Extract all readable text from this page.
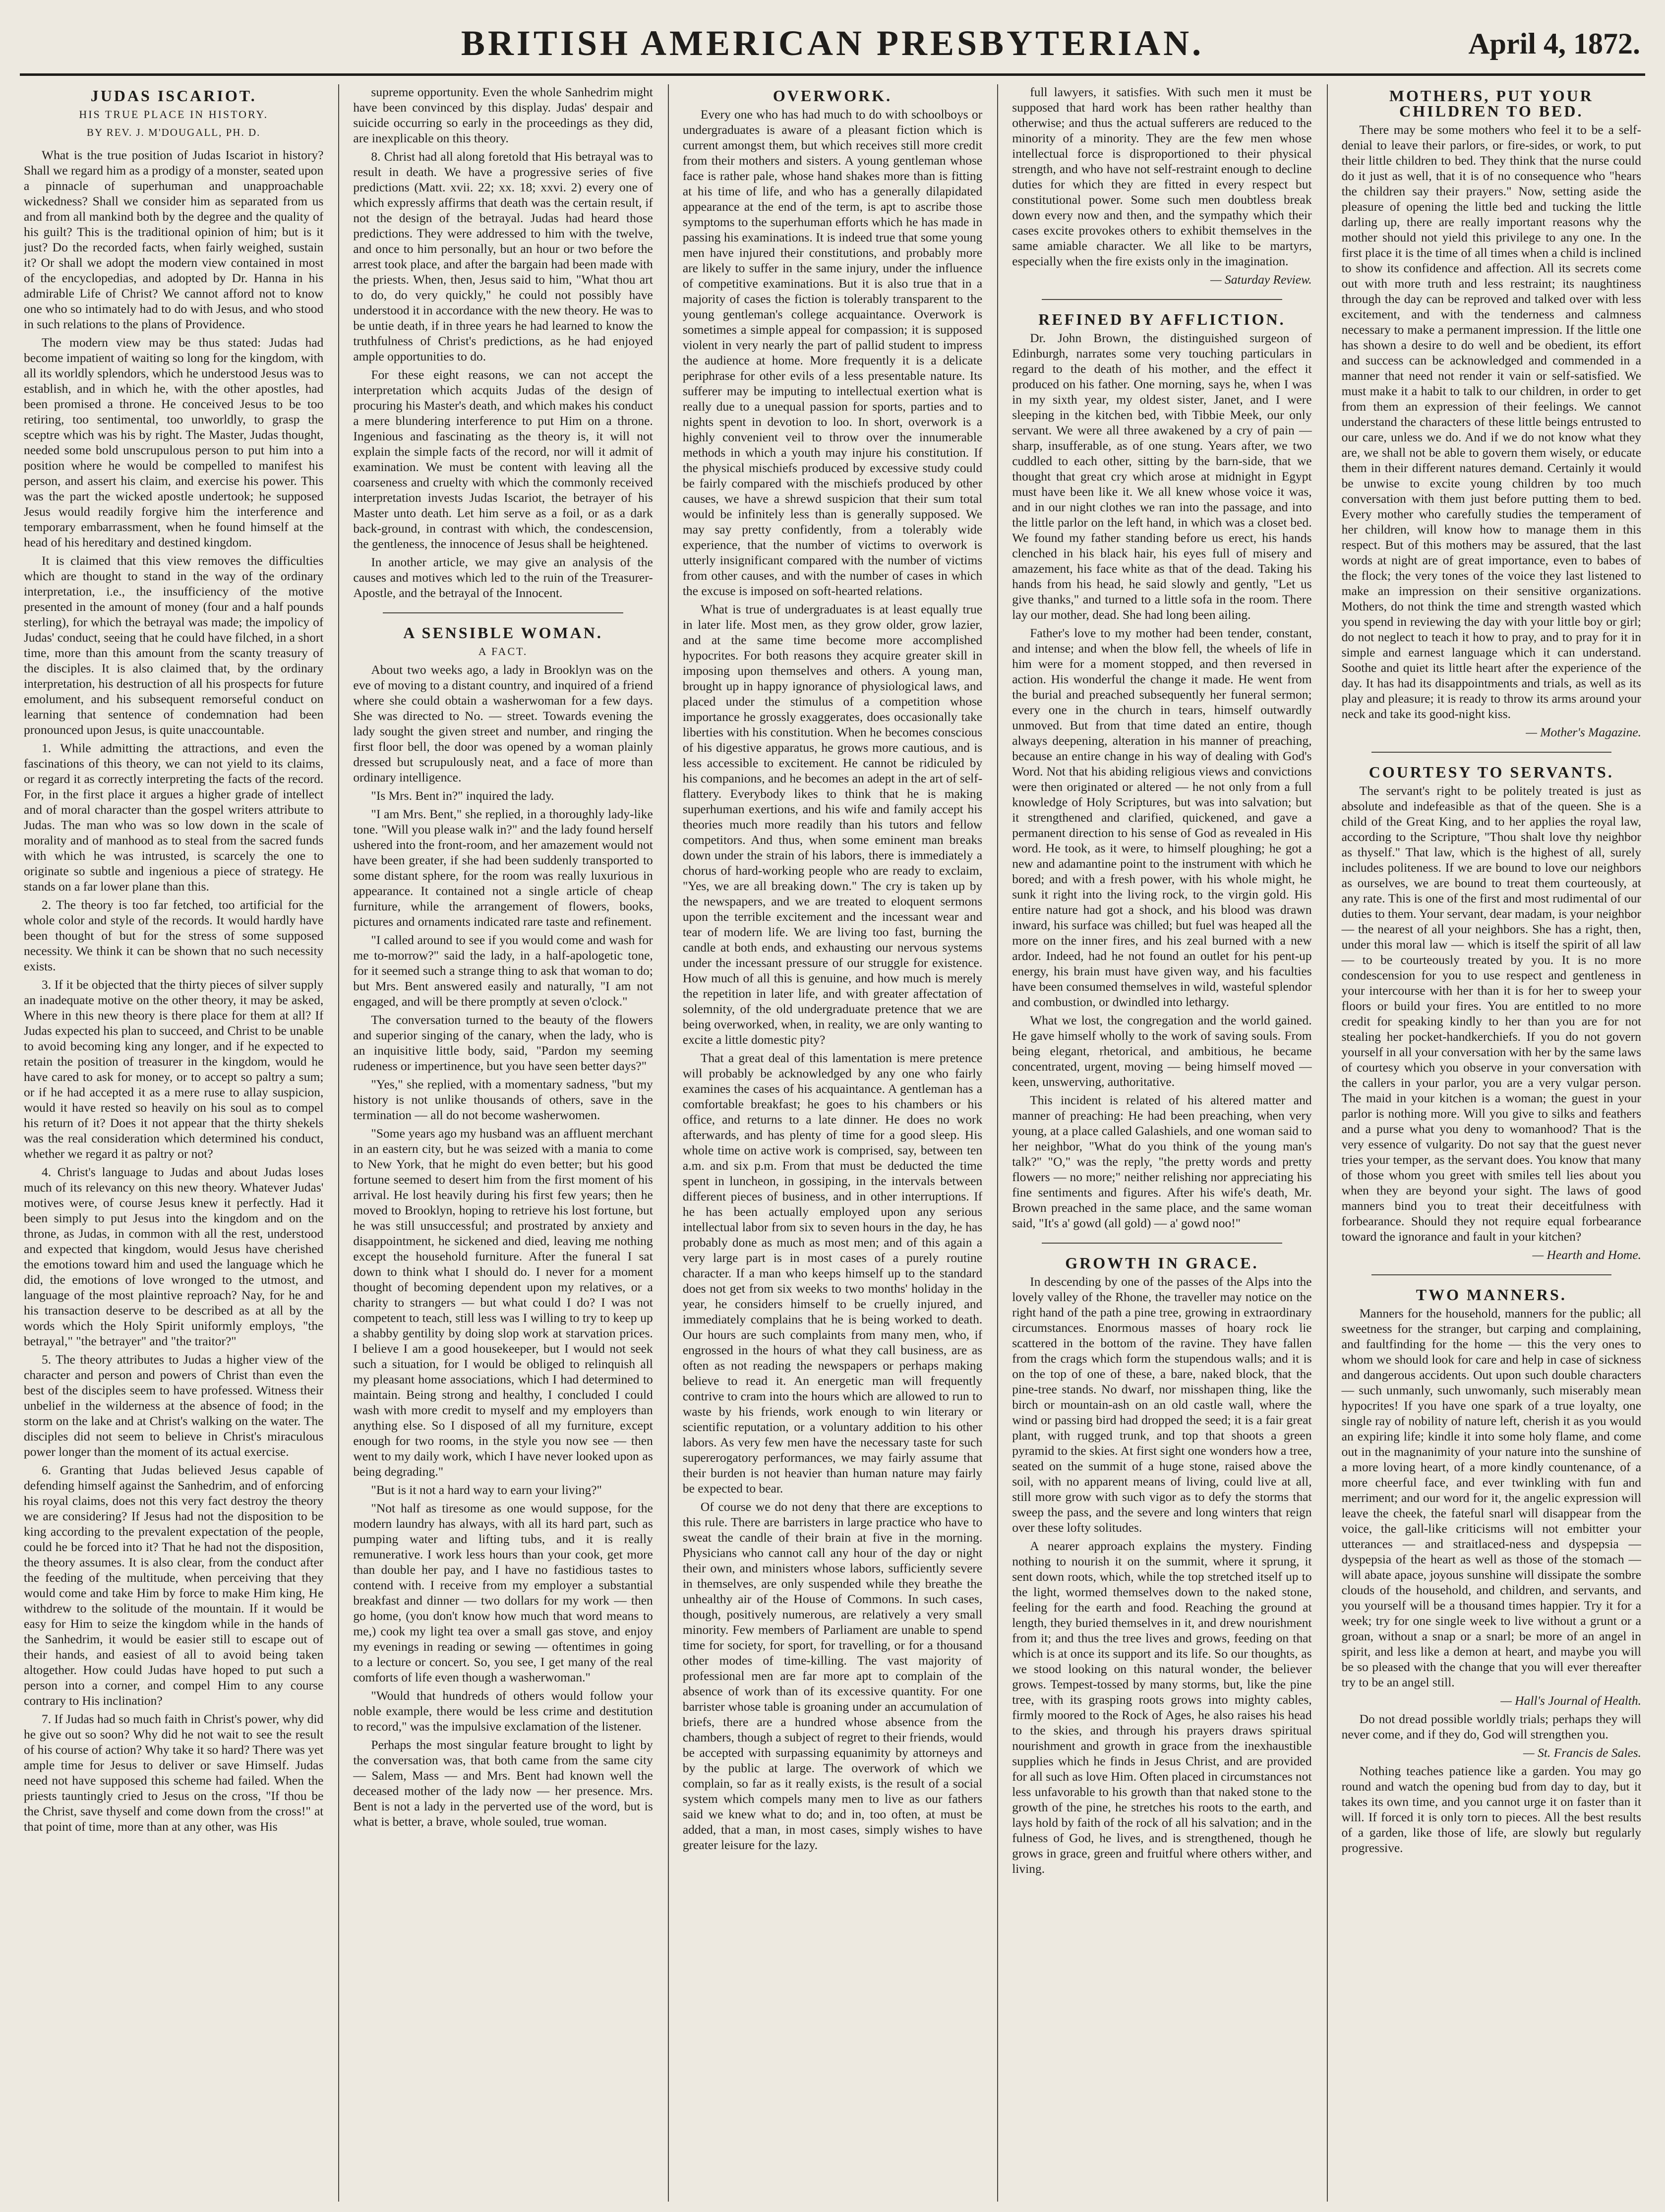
BRITISH AMERICAN PRESBYTERIAN.	April 4, 1872.
JUDAS ISCARIOT.
HIS TRUE PLACE IN HISTORY.
BY REV. J. M'DOUGALL, PH. D.

What is the true position of Judas Iscariot in history? Shall we regard him as a prodigy of a monster, seated upon a pinnacle of superhuman and unapproachable wickedness? Shall we consider him as separated from us and from all mankind both by the degree and the quality of his guilt? This is the traditional opinion of him; but is it just? Do the recorded facts, when fairly weighed, sustain it? Or shall we adopt the modern view contained in most of the encyclopedias, and adopted by Dr. Hanna in his admirable Life of Christ? We cannot afford not to know one who so intimately had to do with Jesus, and who stood in such relations to the plans of Providence.

The modern view may be thus stated: Judas had become impatient of waiting so long for the kingdom, with all its worldly splendors, which he understood Jesus was to establish, and in which he, with the other apostles, had been promised a throne. He conceived Jesus to be too retiring, too sentimental, too unworldly, to grasp the sceptre which was his by right. The Master, Judas thought, needed some bold unscrupulous person to put him into a position where he would be compelled to manifest his person, and assert his claim, and exercise his power. This was the part the wicked apostle undertook; he supposed Jesus would readily forgive him the interference and temporary embarrassment, when he found himself at the head of his hereditary and destined kingdom.

It is claimed that this view removes the difficulties which are thought to stand in the way of the ordinary interpretation, i.e., the insufficiency of the motive presented in the amount of money (four and a half pounds sterling), for which the betrayal was made; the impolicy of Judas' conduct, seeing that he could have filched, in a short time, more than this amount from the scanty treasury of the disciples. It is also claimed that, by the ordinary interpretation, his destruction of all his prospects for future emolument, and his subsequent remorseful conduct on learning that sentence of condemnation had been pronounced upon Jesus, is quite unaccountable.

1. While admitting the attractions, and even the fascinations of this theory, we can not yield to its claims, or regard it as correctly interpreting the facts of the record. For, in the first place it argues a higher grade of intellect and of moral character than the gospel writers attribute to Judas. The man who was so low down in the scale of morality and of manhood as to steal from the sacred funds with which he was intrusted, is scarcely the one to originate so subtle and ingenious a piece of strategy. He stands on a far lower plane than this.

2. The theory is too far fetched, too artificial for the whole color and style of the records. It would hardly have been thought of but for the stress of some supposed necessity. We think it can be shown that no such necessity exists.

3. If it be objected that the thirty pieces of silver supply an inadequate motive on the other theory, it may be asked, Where in this new theory is there place for them at all? If Judas expected his plan to succeed, and Christ to be unable to avoid becoming king any longer, and if he expected to retain the position of treasurer in the kingdom, would he have cared to ask for money, or to accept so paltry a sum; or if he had accepted it as a mere ruse to allay suspicion, would it have rested so heavily on his soul as to compel his return of it? Does it not appear that the thirty shekels was the real consideration which determined his conduct, whether we regard it as paltry or not?

4. Christ's language to Judas and about Judas loses much of its relevancy on this new theory. Whatever Judas' motives were, of course Jesus knew it perfectly. Had it been simply to put Jesus into the kingdom and on the throne, as Judas, in common with all the rest, understood and expected that kingdom, would Jesus have cherished the emotions toward him and used the language which he did, the emotions of love wronged to the utmost, and language of the most plaintive reproach? Nay, for he and his transaction deserve to be described as at all by the words which the Holy Spirit uniformly employs, "the betrayal," "the betrayer" and "the traitor?"

5. The theory attributes to Judas a higher view of the character and person and powers of Christ than even the best of the disciples seem to have professed. Witness their unbelief in the wilderness at the absence of food; in the storm on the lake and at Christ's walking on the water. The disciples did not seem to believe in Christ's miraculous power longer than the moment of its actual exercise.

6. Granting that Judas believed Jesus capable of defending himself against the Sanhedrim, and of enforcing his royal claims, does not this very fact destroy the theory we are considering? If Jesus had not the disposition to be king according to the prevalent expectation of the people, could he be forced into it? That he had not the disposition, the theory assumes. It is also clear, from the conduct after the feeding of the multitude, when perceiving that they would come and take Him by force to make Him king, He withdrew to the solitude of the mountain. If it would be easy for Him to seize the kingdom while in the hands of the Sanhedrim, it would be easier still to escape out of their hands, and easiest of all to avoid being taken altogether. How could Judas have hoped to put such a person into a corner, and compel Him to any course contrary to His inclination?

7. If Judas had so much faith in Christ's power, why did he give out so soon? Why did he not wait to see the result of his course of action? Why take it so hard? There was yet ample time for Jesus to deliver or save Himself. Judas need not have supposed this scheme had failed. When the priests tauntingly cried to Jesus on the cross, "If thou be the Christ, save thyself and come down from the cross!" at that point of time, more than at any other, was His

supreme opportunity. Even the whole Sanhedrim might have been convinced by this display. Judas' despair and suicide occurring so early in the proceedings as they did, are inexplicable on this theory.

8. Christ had all along foretold that His betrayal was to result in death. We have a progressive series of five predictions (Matt. xvii. 22; xx. 18; xxvi. 2) every one of which expressly affirms that death was the certain result, if not the design of the betrayal. Judas had heard those predictions. They were addressed to him with the twelve, and once to him personally, but an hour or two before the arrest took place, and after the bargain had been made with the priests. When, then, Jesus said to him, "What thou art to do, do very quickly," he could not possibly have understood it in accordance with the new theory. He was to be untie death, if in three years he had learned to know the truthfulness of Christ's predictions, as he had enjoyed ample opportunities to do.

For these eight reasons, we can not accept the interpretation which acquits Judas of the design of procuring his Master's death, and which makes his conduct a mere blundering interference to put Him on a throne. Ingenious and fascinating as the theory is, it will not explain the simple facts of the record, nor will it admit of examination. We must be content with leaving all the coarseness and cruelty with which the commonly received interpretation invests Judas Iscariot, the betrayer of his Master unto death. Let him serve as a foil, or as a dark back-ground, in contrast with which, the condescension, the gentleness, the innocence of Jesus shall be heightened.

In another article, we may give an analysis of the causes and motives which led to the ruin of the Treasurer-Apostle, and the betrayal of the Innocent.

A SENSIBLE WOMAN.
A FACT.

About two weeks ago, a lady in Brooklyn was on the eve of moving to a distant country, and inquired of a friend where she could obtain a washerwoman for a few days. She was directed to No. — street. Towards evening the lady sought the given street and number, and ringing the first floor bell, the door was opened by a woman plainly dressed but scrupulously neat, and a face of more than ordinary intelligence.

"Is Mrs. Bent in?" inquired the lady.

"I am Mrs. Bent," she replied, in a thoroughly lady-like tone. "Will you please walk in?" and the lady found herself ushered into the front-room, and her amazement would not have been greater, if she had been suddenly transported to some distant sphere, for the room was really luxurious in appearance. It contained not a single article of cheap furniture, while the arrangement of flowers, books, pictures and ornaments indicated rare taste and refinement.

"I called around to see if you would come and wash for me to-morrow?" said the lady, in a half-apologetic tone, for it seemed such a strange thing to ask that woman to do; but Mrs. Bent answered easily and naturally, "I am not engaged, and will be there promptly at seven o'clock."

The conversation turned to the beauty of the flowers and superior singing of the canary, when the lady, who is an inquisitive little body, said, "Pardon my seeming rudeness or impertinence, but you have seen better days?"

"Yes," she replied, with a momentary sadness, "but my history is not unlike thousands of others, save in the termination — all do not become washerwomen.

"Some years ago my husband was an affluent merchant in an eastern city, but he was seized with a mania to come to New York, that he might do even better; but his good fortune seemed to desert him from the first moment of his arrival. He lost heavily during his first few years; then he moved to Brooklyn, hoping to retrieve his lost fortune, but he was still unsuccessful; and prostrated by anxiety and disappointment, he sickened and died, leaving me nothing except the household furniture. After the funeral I sat down to think what I should do. I never for a moment thought of becoming dependent upon my relatives, or a charity to strangers — but what could I do? I was not competent to teach, still less was I willing to try to keep up a shabby gentility by doing slop work at starvation prices. I believe I am a good housekeeper, but I would not seek such a situation, for I would be obliged to relinquish all my pleasant home associations, which I had determined to maintain. Being strong and healthy, I concluded I could wash with more credit to myself and my employers than anything else. So I disposed of all my furniture, except enough for two rooms, in the style you now see — then went to my daily work, which I have never looked upon as being degrading."

"But is it not a hard way to earn your living?"

"Not half as tiresome as one would suppose, for the modern laundry has always, with all its hard part, such as pumping water and lifting tubs, and it is really remunerative. I work less hours than your cook, get more than double her pay, and I have no fastidious tastes to contend with. I receive from my employer a substantial breakfast and dinner — two dollars for my work — then go home, (you don't know how much that word means to me,) cook my light tea over a small gas stove, and enjoy my evenings in reading or sewing — oftentimes in going to a lecture or concert. So, you see, I get many of the real comforts of life even though a washerwoman."

"Would that hundreds of others would follow your noble example, there would be less crime and destitution to record," was the impulsive exclamation of the listener.

Perhaps the most singular feature brought to light by the conversation was, that both came from the same city — Salem, Mass — and Mrs. Bent had known well the deceased mother of the lady now — her presence. Mrs. Bent is not a lady in the perverted use of the word, but is what is better, a brave, whole souled, true woman.

OVERWORK.

Every one who has had much to do with schoolboys or undergraduates is aware of a pleasant fiction which is current amongst them, but which receives still more credit from their mothers and sisters. A young gentleman whose face is rather pale, whose hand shakes more than is fitting at his time of life, and who has a generally dilapidated appearance at the end of the term, is apt to ascribe those symptoms to the superhuman efforts which he has made in passing his examinations. It is indeed true that some young men have injured their constitutions, and probably more are likely to suffer in the same injury, under the influence of competitive examinations. But it is also true that in a majority of cases the fiction is tolerably transparent to the young gentleman's college acquaintance. Overwork is sometimes a simple appeal for compassion; it is supposed violent in very nearly the part of pallid student to impress the audience at home. More frequently it is a delicate periphrase for other evils of a less presentable nature. Its sufferer may be imputing to intellectual exertion what is really due to a unequal passion for sports, parties and to nights spent in devotion to loo. In short, overwork is a highly convenient veil to throw over the innumerable methods in which a youth may injure his constitution. If the physical mischiefs produced by excessive study could be fairly compared with the mischiefs produced by other causes, we have a shrewd suspicion that their sum total would be infinitely less than is generally supposed. We may say pretty confidently, from a tolerably wide experience, that the number of victims to overwork is utterly insignificant compared with the number of victims from other causes, and with the number of cases in which the excuse is imposed on soft-hearted relations.

What is true of undergraduates is at least equally true in later life. Most men, as they grow older, grow lazier, and at the same time become more accomplished hypocrites. For both reasons they acquire greater skill in imposing upon themselves and others. A young man, brought up in happy ignorance of physiological laws, and placed under the stimulus of a competition whose importance he grossly exaggerates, does occasionally take liberties with his constitution. When he becomes conscious of his digestive apparatus, he grows more cautious, and is less accessible to excitement. He cannot be ridiculed by his companions, and he becomes an adept in the art of self-flattery. Everybody likes to think that he is making superhuman exertions, and his wife and family accept his theories much more readily than his tutors and fellow competitors. And thus, when some eminent man breaks down under the strain of his labors, there is immediately a chorus of hard-working people who are ready to exclaim, "Yes, we are all breaking down." The cry is taken up by the newspapers, and we are treated to eloquent sermons upon the terrible excitement and the incessant wear and tear of modern life. We are living too fast, burning the candle at both ends, and exhausting our nervous systems under the incessant pressure of our struggle for existence. How much of all this is genuine, and how much is merely the repetition in later life, and with greater affectation of solemnity, of the old undergraduate pretence that we are being overworked, when, in reality, we are only wanting to excite a little domestic pity?

That a great deal of this lamentation is mere pretence will probably be acknowledged by any one who fairly examines the cases of his acquaintance. A gentleman has a comfortable breakfast; he goes to his chambers or his office, and returns to a late dinner. He does no work afterwards, and has plenty of time for a good sleep. His whole time on active work is comprised, say, between ten a.m. and six p.m. From that must be deducted the time spent in luncheon, in gossiping, in the intervals between different pieces of business, and in other interruptions. If he has been actually employed upon any serious intellectual labor from six to seven hours in the day, he has probably done as much as most men; and of this again a very large part is in most cases of a purely routine character. If a man who keeps himself up to the standard does not get from six weeks to two months' holiday in the year, he considers himself to be cruelly injured, and immediately complains that he is being worked to death. Our hours are such complaints from many men, who, if engrossed in the hours of what they call business, are as often as not reading the newspapers or perhaps making believe to read it. An energetic man will frequently contrive to cram into the hours which are allowed to run to waste by his friends, work enough to win literary or scientific reputation, or a voluntary addition to his other labors. As very few men have the necessary taste for such supererogatory performances, we may fairly assume that their burden is not heavier than human nature may fairly be expected to bear.

Of course we do not deny that there are exceptions to this rule. There are barristers in large practice who have to sweat the candle of their brain at five in the morning. Physicians who cannot call any hour of the day or night their own, and ministers whose labors, sufficiently severe in themselves, are only suspended while they breathe the unhealthy air of the House of Commons. In such cases, though, positively numerous, are relatively a very small minority. Few members of Parliament are unable to spend time for society, for sport, for travelling, or for a thousand other modes of time-killing. The vast majority of professional men are far more apt to complain of the absence of work than of its excessive quantity. For one barrister whose table is groaning under an accumulation of briefs, there are a hundred whose absence from the chambers, though a subject of regret to their friends, would be accepted with surpassing equanimity by attorneys and by the public at large. The overwork of which we complain, so far as it really exists, is the result of a social system which compels many men to live as our fathers said we knew what to do; and in, too often, at must be added, that a man, in most cases, simply wishes to have greater leisure for the lazy.

full lawyers, it satisfies. With such men it must be supposed that hard work has been rather healthy than otherwise; and thus the actual sufferers are reduced to the minority of a minority. They are the few men whose intellectual force is disproportioned to their physical strength, and who have not self-restraint enough to decline duties for which they are fitted in every respect but constitutional power. Some such men doubtless break down every now and then, and the sympathy which their cases excite provokes others to exhibit themselves in the same amiable character. We all like to be martyrs, especially when the fire exists only in the imagination.

— Saturday Review.

REFINED BY AFFLICTION.

Dr. John Brown, the distinguished surgeon of Edinburgh, narrates some very touching particulars in regard to the death of his mother, and the effect it produced on his father. One morning, says he, when I was in my sixth year, my oldest sister, Janet, and I were sleeping in the kitchen bed, with Tibbie Meek, our only servant. We were all three awakened by a cry of pain — sharp, insufferable, as of one stung. Years after, we two cuddled to each other, sitting by the barn-side, that we thought that great cry which arose at midnight in Egypt must have been like it. We all knew whose voice it was, and in our night clothes we ran into the passage, and into the little parlor on the left hand, in which was a closet bed. We found my father standing before us erect, his hands clenched in his black hair, his eyes full of misery and amazement, his face white as that of the dead. Taking his hands from his head, he said slowly and gently, "Let us give thanks," and turned to a little sofa in the room. There lay our mother, dead. She had long been ailing.

Father's love to my mother had been tender, constant, and intense; and when the blow fell, the wheels of life in him were for a moment stopped, and then reversed in action. His wonderful the change it made. He went from the burial and preached subsequently her funeral sermon; every one in the church in tears, himself outwardly unmoved. But from that time dated an entire, though always deepening, alteration in his manner of preaching, because an entire change in his way of dealing with God's Word. Not that his abiding religious views and convictions were then originated or altered — he not only from a full knowledge of Holy Scriptures, but was into salvation; but it strengthened and clarified, quickened, and gave a permanent direction to his sense of God as revealed in His word. He took, as it were, to himself ploughing; he got a new and adamantine point to the instrument with which he bored; and with a fresh power, with his whole might, he sunk it right into the living rock, to the virgin gold. His entire nature had got a shock, and his blood was drawn inward, his surface was chilled; but fuel was heaped all the more on the inner fires, and his zeal burned with a new ardor. Indeed, had he not found an outlet for his pent-up energy, his brain must have given way, and his faculties have been consumed themselves in wild, wasteful splendor and combustion, or dwindled into lethargy.

What we lost, the congregation and the world gained. He gave himself wholly to the work of saving souls. From being elegant, rhetorical, and ambitious, he became concentrated, urgent, moving — being himself moved — keen, unswerving, authoritative.

This incident is related of his altered matter and manner of preaching: He had been preaching, when very young, at a place called Galashiels, and one woman said to her neighbor, "What do you think of the young man's talk?" "O," was the reply, "the pretty words and pretty flowers — no more;" neither relishing nor appreciating his fine sentiments and figures. After his wife's death, Mr. Brown preached in the same place, and the same woman said, "It's a' gowd (all gold) — a' gowd noo!"

GROWTH IN GRACE.

In descending by one of the passes of the Alps into the lovely valley of the Rhone, the traveller may notice on the right hand of the path a pine tree, growing in extraordinary circumstances. Enormous masses of hoary rock lie scattered in the bottom of the ravine. They have fallen from the crags which form the stupendous walls; and it is on the top of one of these, a bare, naked block, that the pine-tree stands. No dwarf, nor misshapen thing, like the birch or mountain-ash on an old castle wall, where the wind or passing bird had dropped the seed; it is a fair great plant, with rugged trunk, and top that shoots a green pyramid to the skies. At first sight one wonders how a tree, seated on the summit of a huge stone, raised above the soil, with no apparent means of living, could live at all, still more grow with such vigor as to defy the storms that sweep the pass, and the severe and long winters that reign over these lofty solitudes.

A nearer approach explains the mystery. Finding nothing to nourish it on the summit, where it sprung, it sent down roots, which, while the top stretched itself up to the light, wormed themselves down to the naked stone, feeling for the earth and food. Reaching the ground at length, they buried themselves in it, and drew nourishment from it; and thus the tree lives and grows, feeding on that which is at once its support and its life. So our thoughts, as we stood looking on this natural wonder, the believer grows. Tempest-tossed by many storms, but, like the pine tree, with its grasping roots grows into mighty cables, firmly moored to the Rock of Ages, he also raises his head to the skies, and through his prayers draws spiritual nourishment and growth in grace from the inexhaustible supplies which he finds in Jesus Christ, and are provided for all such as love Him. Often placed in circumstances not less unfavorable to his growth than that naked stone to the growth of the pine, he stretches his roots to the earth, and lays hold by faith of the rock of all his salvation; and in the fulness of God, he lives, and is strengthened, though he grows in grace, green and fruitful where others wither, and living.

MOTHERS, PUT YOUR CHILDREN TO BED.

There may be some mothers who feel it to be a self-denial to leave their parlors, or fire-sides, or work, to put their little children to bed. They think that the nurse could do it just as well, that it is of no consequence who "hears the children say their prayers." Now, setting aside the pleasure of opening the little bed and tucking the little darling up, there are really important reasons why the mother should not yield this privilege to any one. In the first place it is the time of all times when a child is inclined to show its confidence and affection. All its secrets come out with more truth and less restraint; its naughtiness through the day can be reproved and talked over with less excitement, and with the tenderness and calmness necessary to make a permanent impression. If the little one has shown a desire to do well and be obedient, its effort and success can be acknowledged and commended in a manner that need not render it vain or self-satisfied. We must make it a habit to talk to our children, in order to get from them an expression of their feelings. We cannot understand the characters of these little beings entrusted to our care, unless we do. And if we do not know what they are, we shall not be able to govern them wisely, or educate them in their different natures demand. Certainly it would be unwise to excite young children by too much conversation with them just before putting them to bed. Every mother who carefully studies the temperament of her children, will know how to manage them in this respect. But of this mothers may be assured, that the last words at night are of great importance, even to babes of the flock; the very tones of the voice they last listened to make an impression on their sensitive organizations. Mothers, do not think the time and strength wasted which you spend in reviewing the day with your little boy or girl; do not neglect to teach it how to pray, and to pray for it in simple and earnest language which it can understand. Soothe and quiet its little heart after the experience of the day. It has had its disappointments and trials, as well as its play and pleasure; it is ready to throw its arms around your neck and take its good-night kiss.

— Mother's Magazine.

COURTESY TO SERVANTS.

The servant's right to be politely treated is just as absolute and indefeasible as that of the queen. She is a child of the Great King, and to her applies the royal law, according to the Scripture, "Thou shalt love thy neighbor as thyself." That law, which is the highest of all, surely includes politeness. If we are bound to love our neighbors as ourselves, we are bound to treat them courteously, at any rate. This is one of the first and most rudimental of our duties to them. Your servant, dear madam, is your neighbor — the nearest of all your neighbors. She has a right, then, under this moral law — which is itself the spirit of all law — to be courteously treated by you. It is no more condescension for you to use respect and gentleness in your intercourse with her than it is for her to sweep your floors or build your fires. You are entitled to no more credit for speaking kindly to her than you are for not stealing her pocket-handkerchiefs. If you do not govern yourself in all your conversation with her by the same laws of courtesy which you observe in your conversation with the callers in your parlor, you are a very vulgar person. The maid in your kitchen is a woman; the guest in your parlor is nothing more. Will you give to silks and feathers and a purse what you deny to womanhood? That is the very essence of vulgarity. Do not say that the guest never tries your temper, as the servant does. You know that many of those whom you greet with smiles tell lies about you when they are beyond your sight. The laws of good manners bind you to treat their deceitfulness with forbearance. Should they not require equal forbearance toward the ignorance and fault in your kitchen?

— Hearth and Home.

TWO MANNERS.

Manners for the household, manners for the public; all sweetness for the stranger, but carping and complaining, and faultfinding for the home — this the very ones to whom we should look for care and help in case of sickness and dangerous accidents. Out upon such double characters — such unmanly, such unwomanly, such miserably mean hypocrites! If you have one spark of a true loyalty, one single ray of nobility of nature left, cherish it as you would an expiring life; kindle it into some holy flame, and come out in the magnanimity of your nature into the sunshine of a more loving heart, of a more kindly countenance, of a more cheerful face, and ever twinkling with fun and merriment; and our word for it, the angelic expression will leave the cheek, the fateful snarl will disappear from the voice, the gall-like criticisms will not embitter your utterances — and straitlaced-ness and dyspepsia — dyspepsia of the heart as well as those of the stomach — will abate apace, joyous sunshine will dissipate the sombre clouds of the household, and children, and servants, and you yourself will be a thousand times happier. Try it for a week; try for one single week to live without a grunt or a groan, without a snap or a snarl; be more of an angel in spirit, and less like a demon at heart, and maybe you will be so pleased with the change that you will ever thereafter try to be an angel still.

— Hall's Journal of Health.

Do not dread possible worldly trials; perhaps they will never come, and if they do, God will strengthen you.

— St. Francis de Sales.

Nothing teaches patience like a garden. You may go round and watch the opening bud from day to day, but it takes its own time, and you cannot urge it on faster than it will. If forced it is only torn to pieces. All the best results of a garden, like those of life, are slowly but regularly progressive.
